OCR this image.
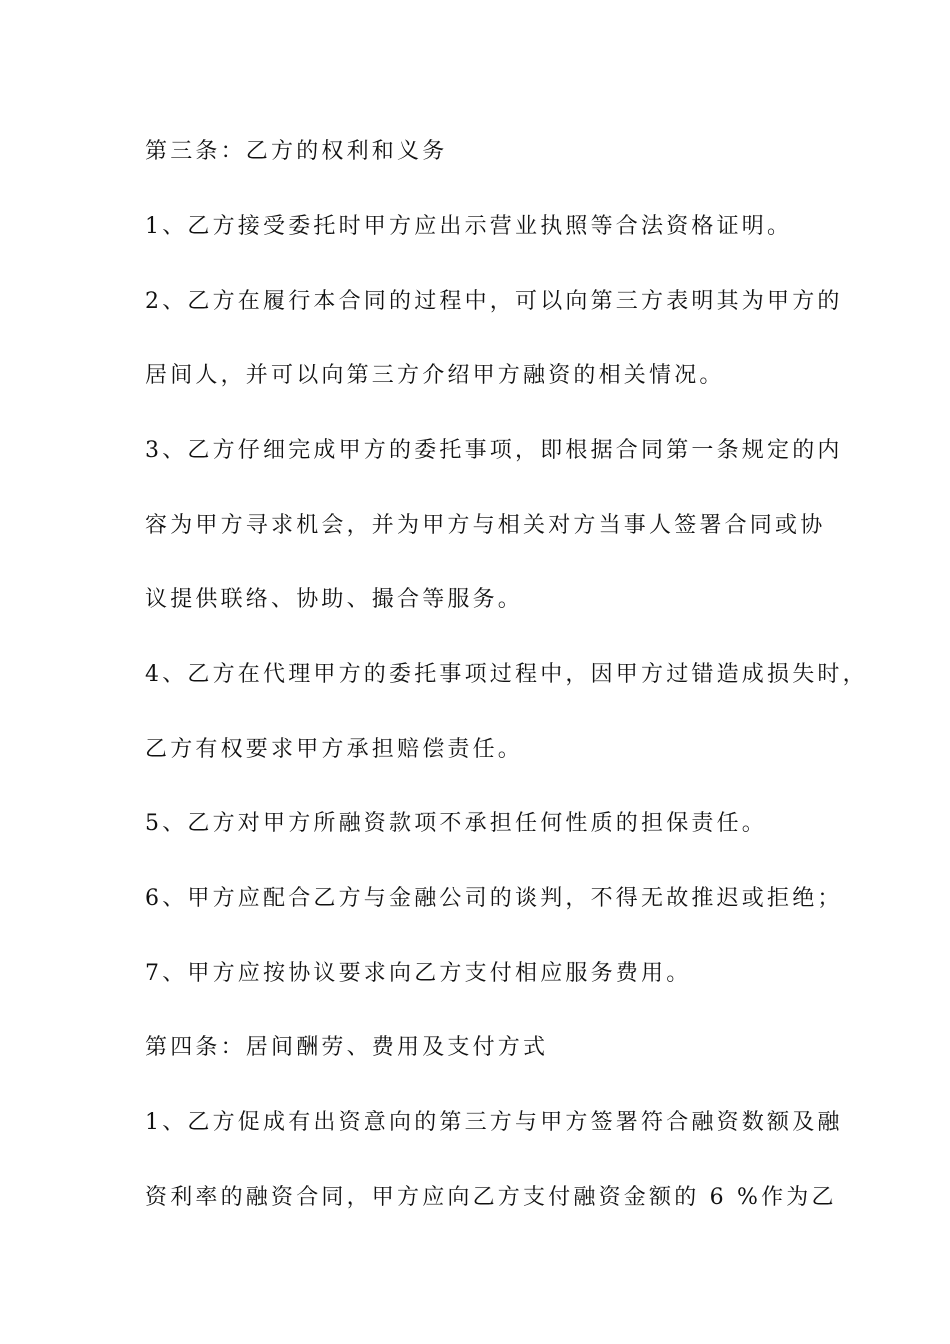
第三条：乙方的权利和义务

1、乙方接受委托时甲方应出示营业执照等合法资格证明。

2、乙方在履行本合同的过程中，可以向第三方表明其为甲方的

居间人，并可以向第三方介绍甲方融资的相关情况。

3、乙方仔细完成甲方的委托事项，即根据合同第一条规定的内

容为甲方寻求机会，并为甲方与相关对方当事人签署合同或协

议提供联络、协助、撮合等服务。

4、乙方在代理甲方的委托事项过程中，因甲方过错造成损失时，

乙方有权要求甲方承担赔偿责任。

5、乙方对甲方所融资款项不承担任何性质的担保责任。

6、甲方应配合乙方与金融公司的谈判，不得无故推迟或拒绝；

7、甲方应按协议要求向乙方支付相应服务费用。

第四条：居间酬劳、费用及支付方式

1、乙方促成有出资意向的第三方与甲方签署符合融资数额及融

资利率的融资合同，甲方应向乙方支付融资金额的 6 %作为乙
